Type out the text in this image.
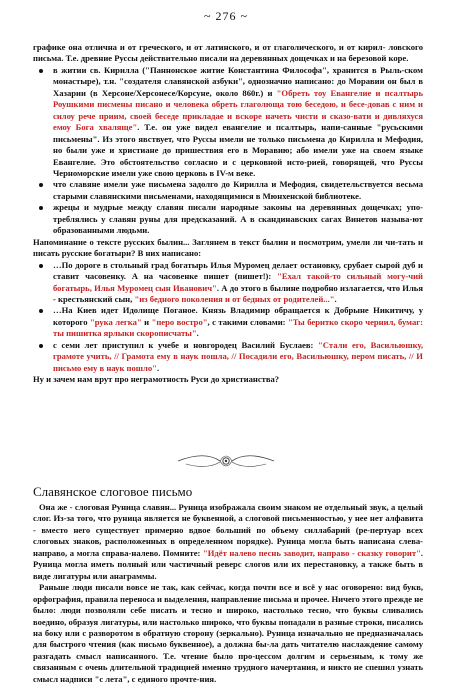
~ 276 ~

графике она отлична и от греческого, и от латинского, и от глаголического, и от кирил- ловского письма. Т.е. древние Руссы действительно писали на деревянных дощечках и на березовой коре.

в житии св. Кирилла ("Паннонское житие Константина Философа", хранится в Рыль-ском монастыре), т.н. "создателя славянской азбуки", однозначно написано: до Моравии он был в Хазарии (в Херсоне/Херсонесе/Корсуне, около 860г.) и "Обреть тоу Евангелие и псалтырь Роушкими писмены писано и человека обреть глаголюща тою беседою, и бесе-довав с ним и силоу рече приим, своей беседе прикладае и вскоре начеть чисти и сказо-вати и дивляхуся емоу Бога хваляще". Т.е. он уже видел евангелие и псалтырь, напи-санные "русьскими письмены". Из этого явствует, что Руссы имели не только письмена до Кирилла и Мефодия, но были уже и христиане до пришествия его в Моравию; або имели уже на своем языке Евангелие. Это обстоятельство согласно и с церковной исто-рией, говорящей, что Руссы Черноморские имели уже свою церковь в IV-м веке.
что славяне имели уже письмена задолго до Кирилла и Мефодия, свидетельствуется весьма старыми славянскими письменами, находящимися в Мюнхенской библиотеке.
жрецы и мудрые между славян писали народные законы на деревянных дощечках; упо-треблялись у славян руны для предсказаний. А в скандинавских сагах Винетов называ-ют образованными людьми.

Напоминание о тексте русских былин... Заглянем в текст былин и посмотрим, умели ли чи-тать и писать русские богатыри? В них написано:

…По дороге в стольный град богатырь Илья Муромец делает остановку, срубает сырой дуб и ставит часовенку. А на часовенке пишет (пишет!): "Ехал такой-то сильный могу-чий богатырь, Илья Муромец сын Иванович". А до этого в былине подробно излагается, что Илья - крестьянский сын, "из бедного поколения и от бедных от родителей...".
…На Киев идет Идолище Поганое. Князь Владимир обращается к Добрыне Никитичу, у которого "рука легка" и "перо востро", с такими словами: "Ты беритко скоро чернил, бумаг: ты пишитка ярлыки скорописчаты".
с семи лет приступил к учебе и новгородец Василий Буслаев: "Стали его, Васильюшку, грамоте учить, // Грамота ему в наук пошла, // Посадили его, Васильюшку, пером писать, // И письмо ему в наук пошло".

Ну и зачем нам врут про неграмотность Руси до христианства?

Славянское слоговое письмо

Она же - слоговая Руница славян... Руница изображала своим знаком не отдельный звук, а целый слог. Из-за того, что руница является не буквенной, а слоговой письменностью, у нее нет алфавита - вместо него существует примерно вдвое больший по объему силлабарий (ре-пертуар всех слоговых знаков, расположенных в определенном порядке). Руница могла быть написана слева-направо, а могла справа-налево. Помните: "Идёт налево песнь заводит, направо - сказку говорит". Руница могла иметь полный или частичный реверс слогов или их перестановку, а также быть в виде лигатуры или анаграммы.

Раньше люди писали вовсе не так, как сейчас, когда почти все и всё у нас оговорено: вид букв, орфография, правила переноса и выделения, направление письма и прочее. Ничего этого прежде не было: люди позволяли себе писать и тесно и широко, настолько тесно, что буквы сливались воедино, образуя лигатуры, или настолько широко, что буквы попадали в разные строки, писались на боку или с разворотом в обратную сторону (зеркально). Руница изначально не предназначалась для быстрого чтения (как письмо буквенное), а должна бы-ла дать читателю наслаждение самому разгадать смысл написанного. Т.е. чтение было про-цессом долгим и серьезным, к тому же связанным с очень длительной традицией именно трудного начертания, и никто не спешил узнать смысл надписи "с лета", с единого прочте-ния.
